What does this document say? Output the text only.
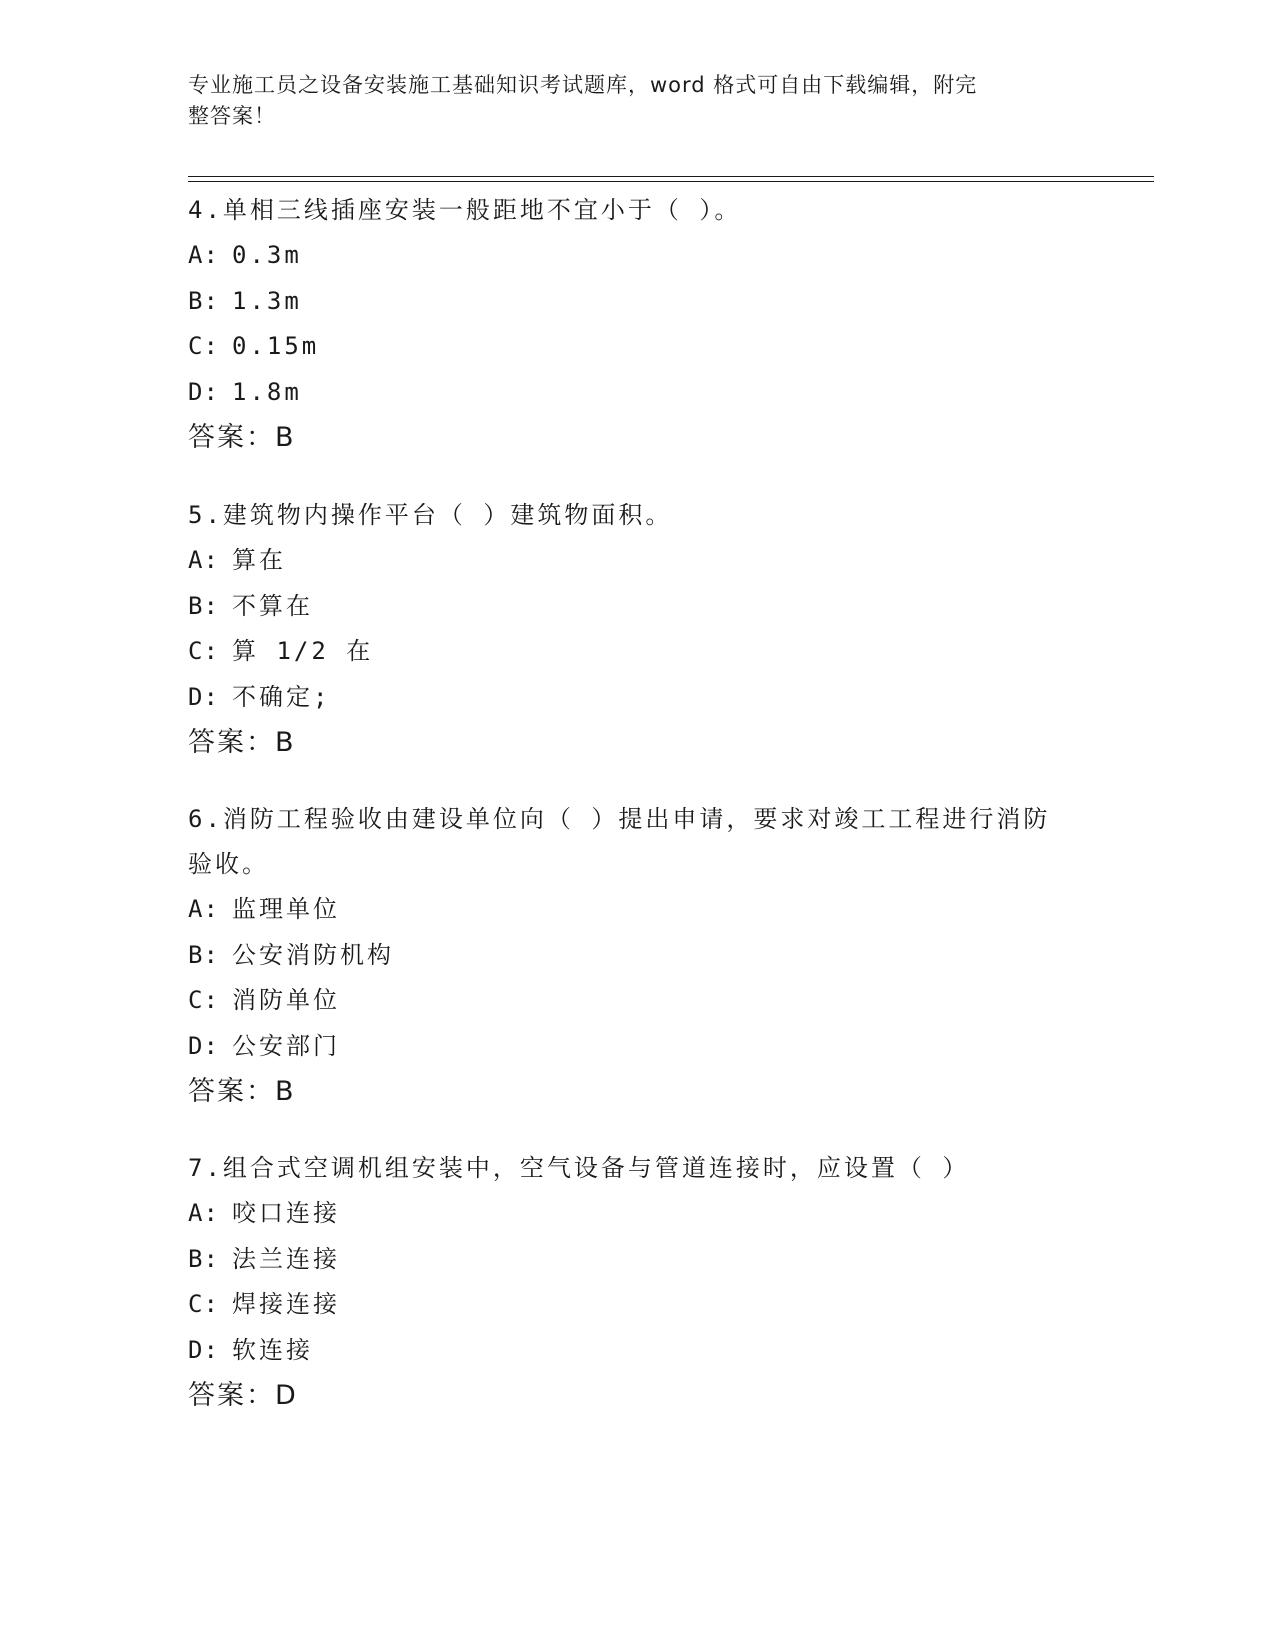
专业施工员之设备安装施工基础知识考试题库，word 格式可自由下载编辑，附完
整答案！

4.单相三线插座安装一般距地不宜小于（ ）。

A: 0.3m
B: 1.3m
C: 0.15m
D: 1.8m
答案：B

5.建筑物内操作平台（ ）建筑物面积。

A: 算在
B: 不算在
C: 算 1/2 在
D: 不确定;
答案：B

6.消防工程验收由建设单位向（ ）提出申请，要求对竣工工程进行消防验收。

A: 监理单位
B: 公安消防机构
C: 消防单位
D: 公安部门
答案：B

7.组合式空调机组安装中，空气设备与管道连接时，应设置（ ）

A: 咬口连接
B: 法兰连接
C: 焊接连接
D: 软连接
答案：D
